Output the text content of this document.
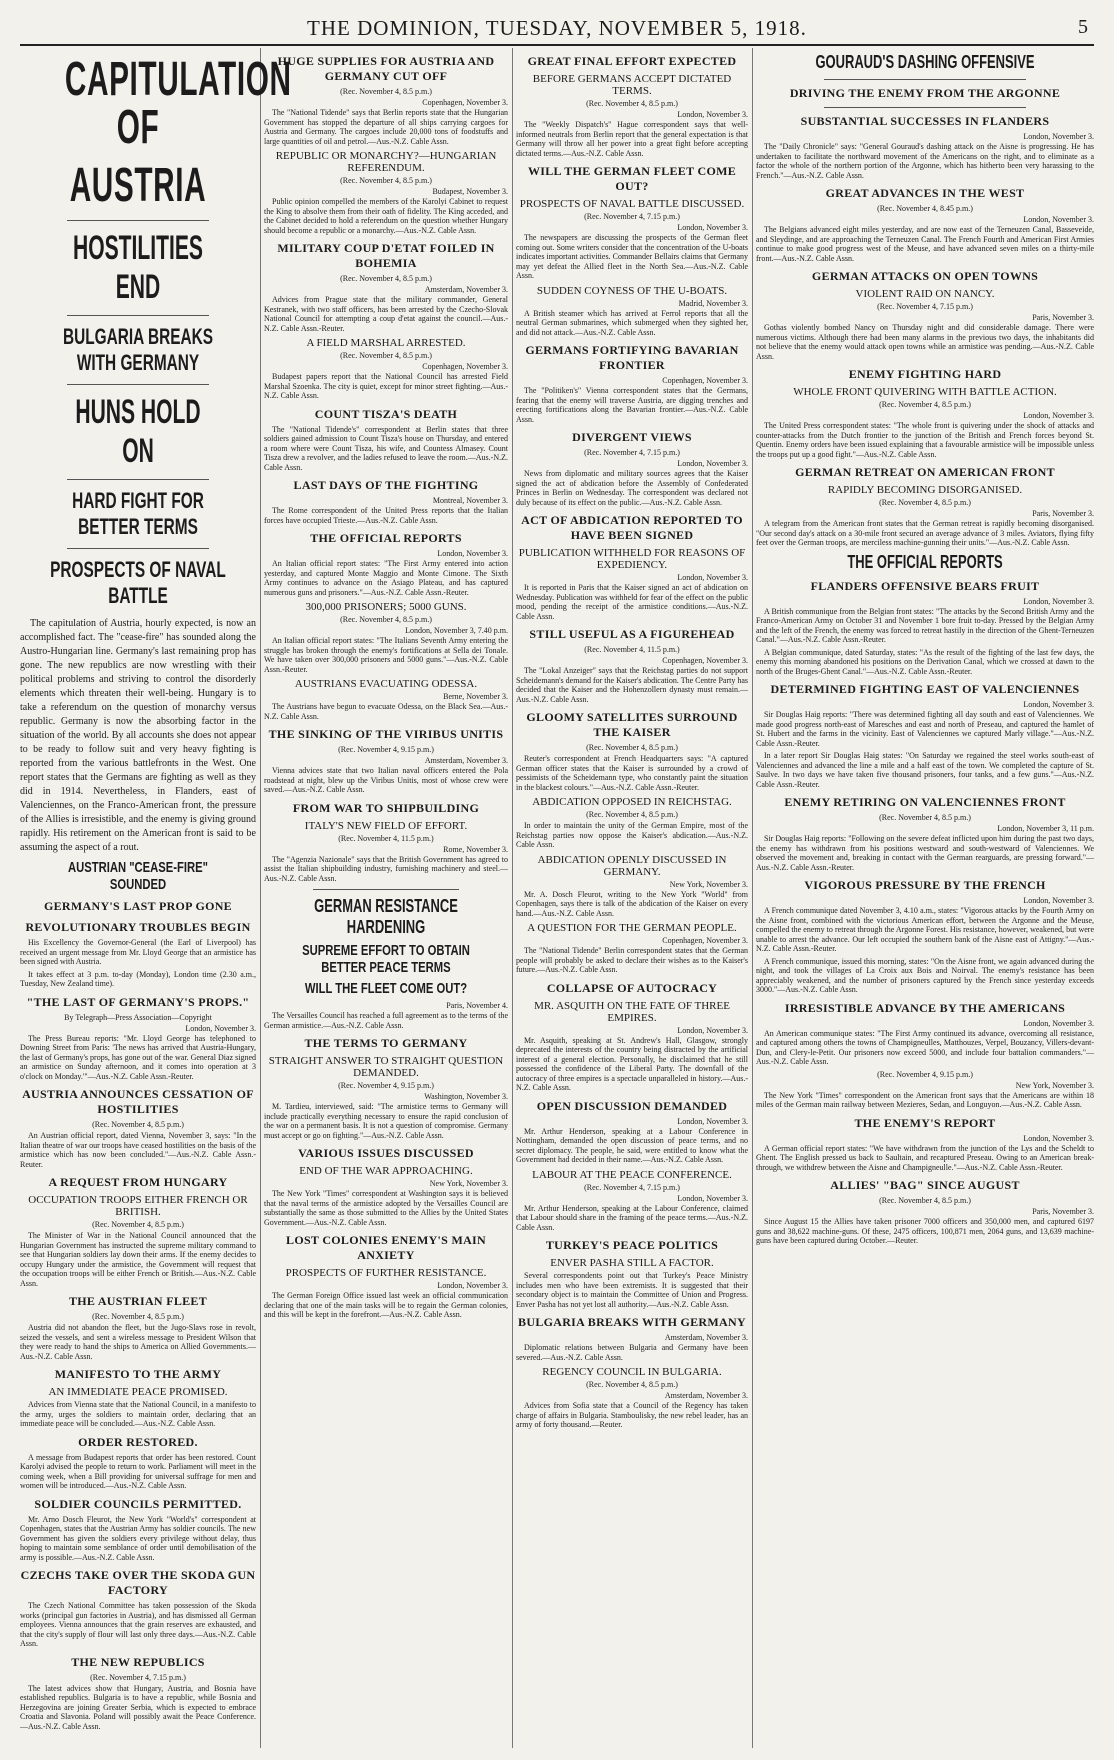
THE DOMINION, TUESDAY, NOVEMBER 5, 1918.	5
CAPITULATION OF
AUSTRIA
HOSTILITIES END
BULGARIA BREAKS WITH GERMANY
HUNS HOLD ON
HARD FIGHT FOR BETTER TERMS
PROSPECTS OF NAVAL BATTLE

The capitulation of Austria, hourly expected, is now an accomplished fact. The "cease-fire" has sounded along the Austro-Hungarian line. Germany's last remaining prop has gone. The new republics are now wrestling with their political problems and striving to control the disorderly elements which threaten their well-being. Hungary is to take a referendum on the question of monarchy versus republic. Germany is now the absorbing factor in the situation of the world. By all accounts she does not appear to be ready to follow suit and very heavy fighting is reported from the various battlefronts in the West. One report states that the Germans are fighting as well as they did in 1914. Nevertheless, in Flanders, east of Valenciennes, on the Franco-American front, the pressure of the Allies is irresistible, and the enemy is giving ground rapidly. His retirement on the American front is said to be assuming the aspect of a rout.

AUSTRIAN "CEASE-FIRE" SOUNDED
GERMANY'S LAST PROP GONE
REVOLUTIONARY TROUBLES BEGIN

His Excellency the Governor-General (the Earl of Liverpool) has received an urgent message from Mr. Lloyd George that an armistice has been signed with Austria.

It takes effect at 3 p.m. to-day (Monday), London time (2.30 a.m., Tuesday, New Zealand time).

"THE LAST OF GERMANY'S PROPS."
By Telegraph—Press Association—Copyright
London, November 3.

The Press Bureau reports: "Mr. Lloyd George has telephoned to Downing Street from Paris: 'The news has arrived that Austria-Hungary, the last of Germany's props, has gone out of the war. General Diaz signed an armistice on Sunday afternoon, and it comes into operation at 3 o'clock on Monday.'"—Aus.-N.Z. Cable Assn.-Reuter.

AUSTRIA ANNOUNCES CESSATION OF HOSTILITIES
(Rec. November 4, 8.5 p.m.)

An Austrian official report, dated Vienna, November 3, says: "In the Italian theatre of war our troops have ceased hostilities on the basis of the armistice which has now been concluded."—Aus.-N.Z. Cable Assn.-Reuter.

A REQUEST FROM HUNGARY
OCCUPATION TROOPS EITHER FRENCH OR BRITISH.
(Rec. November 4, 8.5 p.m.)

The Minister of War in the National Council announced that the Hungarian Government has instructed the supreme military command to see that Hungarian soldiers lay down their arms. If the enemy decides to occupy Hungary under the armistice, the Government will request that the occupation troops will be either French or British.—Aus.-N.Z. Cable Assn.

THE AUSTRIAN FLEET
(Rec. November 4, 8.5 p.m.)

Austria did not abandon the fleet, but the Jugo-Slavs rose in revolt, seized the vessels, and sent a wireless message to President Wilson that they were ready to hand the ships to America on Allied Governments.—Aus.-N.Z. Cable Assn.

MANIFESTO TO THE ARMY
AN IMMEDIATE PEACE PROMISED.

Advices from Vienna state that the National Council, in a manifesto to the army, urges the soldiers to maintain order, declaring that an immediate peace will be concluded.—Aus.-N.Z. Cable Assn.

ORDER RESTORED.

A message from Budapest reports that order has been restored. Count Karolyi advised the people to return to work. Parliament will meet in the coming week, when a Bill providing for universal suffrage for men and women will be introduced.—Aus.-N.Z. Cable Assn.

SOLDIER COUNCILS PERMITTED.

Mr. Arno Dosch Fleurot, the New York "World's" correspondent at Copenhagen, states that the Austrian Army has soldier councils. The new Government has given the soldiers every privilege without delay, thus hoping to maintain some semblance of order until demobilisation of the army is possible.—Aus.-N.Z. Cable Assn.

CZECHS TAKE OVER THE SKODA GUN FACTORY

The Czech National Committee has taken possession of the Skoda works (principal gun factories in Austria), and has dismissed all German employees. Vienna announces that the grain reserves are exhausted, and that the city's supply of flour will last only three days.—Aus.-N.Z. Cable Assn.

THE NEW REPUBLICS
(Rec. November 4, 7.15 p.m.)

The latest advices show that Hungary, Austria, and Bosnia have established republics. Bulgaria is to have a republic, while Bosnia and Herzegovina are joining Greater Serbia, which is expected to embrace Croatia and Slavonia. Poland will possibly await the Peace Conference.—Aus.-N.Z. Cable Assn.

HUGE SUPPLIES FOR AUSTRIA AND GERMANY CUT OFF
(Rec. November 4, 8.5 p.m.)
Copenhagen, November 3.

The "National Tidende" says that Berlin reports state that the Hungarian Government has stopped the departure of all ships carrying cargoes for Austria and Germany. The cargoes include 20,000 tons of foodstuffs and large quantities of oil and petrol.—Aus.-N.Z. Cable Assn.

REPUBLIC OR MONARCHY?—HUNGARIAN REFERENDUM.
(Rec. November 4, 8.5 p.m.)
Budapest, November 3.

Public opinion compelled the members of the Karolyi Cabinet to request the King to absolve them from their oath of fidelity. The King acceded, and the Cabinet decided to hold a referendum on the question whether Hungary should become a republic or a monarchy.—Aus.-N.Z. Cable Assn.

MILITARY COUP D'ETAT FOILED IN BOHEMIA
(Rec. November 4, 8.5 p.m.)
Amsterdam, November 3.

Advices from Prague state that the military commander, General Kestranek, with two staff officers, has been arrested by the Czecho-Slovak National Council for attempting a coup d'etat against the council.—Aus.-N.Z. Cable Assn.-Reuter.

A FIELD MARSHAL ARRESTED.
(Rec. November 4, 8.5 p.m.)
Copenhagen, November 3.

Budapest papers report that the National Council has arrested Field Marshal Szoenka. The city is quiet, except for minor street fighting.—Aus.-N.Z. Cable Assn.

COUNT TISZA'S DEATH

The "National Tidende's" correspondent at Berlin states that three soldiers gained admission to Count Tisza's house on Thursday, and entered a room where were Count Tisza, his wife, and Countess Almasey. Count Tisza drew a revolver, and the ladies refused to leave the room.—Aus.-N.Z. Cable Assn.

LAST DAYS OF THE FIGHTING
Montreal, November 3.

The Rome correspondent of the United Press reports that the Italian forces have occupied Trieste.—Aus.-N.Z. Cable Assn.

THE OFFICIAL REPORTS
London, November 3.

An Italian official report states: "The First Army entered into action yesterday, and captured Monte Maggio and Monte Cimone. The Sixth Army continues to advance on the Asiago Plateau, and has captured numerous guns and prisoners."—Aus.-N.Z. Cable Assn.-Reuter.

300,000 PRISONERS; 5000 GUNS.
(Rec. November 4, 8.5 p.m.)
London, November 3, 7.40 p.m.

An Italian official report states: "The Italians Seventh Army entering the struggle has broken through the enemy's fortifications at Sella dei Tonale. We have taken over 300,000 prisoners and 5000 guns."—Aus.-N.Z. Cable Assn.-Reuter.

AUSTRIANS EVACUATING ODESSA.
Berne, November 3.

The Austrians have begun to evacuate Odessa, on the Black Sea.—Aus.-N.Z. Cable Assn.

THE SINKING OF THE VIRIBUS UNITIS
(Rec. November 4, 9.15 p.m.)
Amsterdam, November 3.

Vienna advices state that two Italian naval officers entered the Pola roadstead at night, blew up the Viribus Unitis, most of whose crew were saved.—Aus.-N.Z. Cable Assn.

FROM WAR TO SHIPBUILDING
ITALY'S NEW FIELD OF EFFORT.
(Rec. November 4, 11.5 p.m.)
Rome, November 3.

The "Agenzia Nazionale" says that the British Government has agreed to assist the Italian shipbuilding industry, furnishing machinery and steel.—Aus.-N.Z. Cable Assn.

GERMAN RESISTANCE HARDENING
SUPREME EFFORT TO OBTAIN BETTER PEACE TERMS
WILL THE FLEET COME OUT?
Paris, November 4.

The Versailles Council has reached a full agreement as to the terms of the German armistice.—Aus.-N.Z. Cable Assn.

THE TERMS TO GERMANY
STRAIGHT ANSWER TO STRAIGHT QUESTION DEMANDED.
(Rec. November 4, 9.15 p.m.)
Washington, November 3.

M. Tardieu, interviewed, said: "The armistice terms to Germany will include practically everything necessary to ensure the rapid conclusion of the war on a permanent basis. It is not a question of compromise. Germany must accept or go on fighting."—Aus.-N.Z. Cable Assn.

VARIOUS ISSUES DISCUSSED
END OF THE WAR APPROACHING.
New York, November 3.

The New York "Times" correspondent at Washington says it is believed that the naval terms of the armistice adopted by the Versailles Council are substantially the same as those submitted to the Allies by the United States Government.—Aus.-N.Z. Cable Assn.

LOST COLONIES ENEMY'S MAIN ANXIETY
PROSPECTS OF FURTHER RESISTANCE.
London, November 3.

The German Foreign Office issued last week an official communication declaring that one of the main tasks will be to regain the German colonies, and this will be kept in the forefront.—Aus.-N.Z. Cable Assn.

GREAT FINAL EFFORT EXPECTED
BEFORE GERMANS ACCEPT DICTATED TERMS.
(Rec. November 4, 8.5 p.m.)
London, November 3.

The "Weekly Dispatch's" Hague correspondent says that well-informed neutrals from Berlin report that the general expectation is that Germany will throw all her power into a great fight before accepting dictated terms.—Aus.-N.Z. Cable Assn.

WILL THE GERMAN FLEET COME OUT?
PROSPECTS OF NAVAL BATTLE DISCUSSED.
(Rec. November 4, 7.15 p.m.)
London, November 3.

The newspapers are discussing the prospects of the German fleet coming out. Some writers consider that the concentration of the U-boats indicates important activities. Commander Bellairs claims that Germany may yet defeat the Allied fleet in the North Sea.—Aus.-N.Z. Cable Assn.

SUDDEN COYNESS OF THE U-BOATS.
Madrid, November 3.

A British steamer which has arrived at Ferrol reports that all the neutral German submarines, which submerged when they sighted her, and did not attack.—Aus.-N.Z. Cable Assn.

GERMANS FORTIFYING BAVARIAN FRONTIER
Copenhagen, November 3.

The "Politiken's" Vienna correspondent states that the Germans, fearing that the enemy will traverse Austria, are digging trenches and erecting fortifications along the Bavarian frontier.—Aus.-N.Z. Cable Assn.

DIVERGENT VIEWS
(Rec. November 4, 7.15 p.m.)
London, November 3.

News from diplomatic and military sources agrees that the Kaiser signed the act of abdication before the Assembly of Confederated Princes in Berlin on Wednesday. The correspondent was declared not duly because of its effect on the public.—Aus.-N.Z. Cable Assn.

ACT OF ABDICATION REPORTED TO HAVE BEEN SIGNED
PUBLICATION WITHHELD FOR REASONS OF EXPEDIENCY.
London, November 3.

It is reported in Paris that the Kaiser signed an act of abdication on Wednesday. Publication was withheld for fear of the effect on the public mood, pending the receipt of the armistice conditions.—Aus.-N.Z. Cable Assn.

STILL USEFUL AS A FIGUREHEAD
(Rec. November 4, 11.5 p.m.)
Copenhagen, November 3.

The "Lokal Anzeiger" says that the Reichstag parties do not support Scheidemann's demand for the Kaiser's abdication. The Centre Party has decided that the Kaiser and the Hohenzollern dynasty must remain.—Aus.-N.Z. Cable Assn.

GLOOMY SATELLITES SURROUND THE KAISER
(Rec. November 4, 8.5 p.m.)

Reuter's correspondent at French Headquarters says: "A captured German officer states that the Kaiser is surrounded by a crowd of pessimists of the Scheidemann type, who constantly paint the situation in the blackest colours."—Aus.-N.Z. Cable Assn.-Reuter.

ABDICATION OPPOSED IN REICHSTAG.
(Rec. November 4, 8.5 p.m.)

In order to maintain the unity of the German Empire, most of the Reichstag parties now oppose the Kaiser's abdication.—Aus.-N.Z. Cable Assn.

ABDICATION OPENLY DISCUSSED IN GERMANY.
New York, November 3.

Mr. A. Dosch Fleurot, writing to the New York "World" from Copenhagen, says there is talk of the abdication of the Kaiser on every hand.—Aus.-N.Z. Cable Assn.

A QUESTION FOR THE GERMAN PEOPLE.
Copenhagen, November 3.

The "National Tidende" Berlin correspondent states that the German people will probably be asked to declare their wishes as to the Kaiser's future.—Aus.-N.Z. Cable Assn.

COLLAPSE OF AUTOCRACY
MR. ASQUITH ON THE FATE OF THREE EMPIRES.
London, November 3.

Mr. Asquith, speaking at St. Andrew's Hall, Glasgow, strongly deprecated the interests of the country being distracted by the artificial interest of a general election. Personally, he disclaimed that he still possessed the confidence of the Liberal Party. The downfall of the autocracy of three empires is a spectacle unparalleled in history.—Aus.-N.Z. Cable Assn.

OPEN DISCUSSION DEMANDED
London, November 3.

Mr. Arthur Henderson, speaking at a Labour Conference in Nottingham, demanded the open discussion of peace terms, and no secret diplomacy. The people, he said, were entitled to know what the Government had decided in their name.—Aus.-N.Z. Cable Assn.

LABOUR AT THE PEACE CONFERENCE.
(Rec. November 4, 7.15 p.m.)
London, November 3.

Mr. Arthur Henderson, speaking at the Labour Conference, claimed that Labour should share in the framing of the peace terms.—Aus.-N.Z. Cable Assn.

TURKEY'S PEACE POLITICS
ENVER PASHA STILL A FACTOR.

Several correspondents point out that Turkey's Peace Ministry includes men who have been extremists. It is suggested that their secondary object is to maintain the Committee of Union and Progress. Enver Pasha has not yet lost all authority.—Aus.-N.Z. Cable Assn.

BULGARIA BREAKS WITH GERMANY
Amsterdam, November 3.

Diplomatic relations between Bulgaria and Germany have been severed.—Aus.-N.Z. Cable Assn.

REGENCY COUNCIL IN BULGARIA.
(Rec. November 4, 8.5 p.m.)
Amsterdam, November 3.

Advices from Sofia state that a Council of the Regency has taken charge of affairs in Bulgaria. Stamboulisky, the new rebel leader, has an army of forty thousand.—Reuter.

GOURAUD'S DASHING OFFENSIVE
DRIVING THE ENEMY FROM THE ARGONNE
SUBSTANTIAL SUCCESSES IN FLANDERS
London, November 3.

The "Daily Chronicle" says: "General Gouraud's dashing attack on the Aisne is progressing. He has undertaken to facilitate the northward movement of the Americans on the right, and to eliminate as a factor the whole of the northern portion of the Argonne, which has hitherto been very harassing to the French."—Aus.-N.Z. Cable Assn.

GREAT ADVANCES IN THE WEST
(Rec. November 4, 8.45 p.m.)
London, November 3.

The Belgians advanced eight miles yesterday, and are now east of the Terneuzen Canal, Basseveide, and Sleydinge, and are approaching the Terneuzen Canal. The French Fourth and American First Armies continue to make good progress west of the Meuse, and have advanced seven miles on a thirty-mile front.—Aus.-N.Z. Cable Assn.

GERMAN ATTACKS ON OPEN TOWNS
VIOLENT RAID ON NANCY.
(Rec. November 4, 7.15 p.m.)
Paris, November 3.

Gothas violently bombed Nancy on Thursday night and did considerable damage. There were numerous victims. Although there had been many alarms in the previous two days, the inhabitants did not believe that the enemy would attack open towns while an armistice was pending.—Aus.-N.Z. Cable Assn.

ENEMY FIGHTING HARD
WHOLE FRONT QUIVERING WITH BATTLE ACTION.
(Rec. November 4, 8.5 p.m.)
London, November 3.

The United Press correspondent states: "The whole front is quivering under the shock of attacks and counter-attacks from the Dutch frontier to the junction of the British and French forces beyond St. Quentin. Enemy orders have been issued explaining that a favourable armistice will be impossible unless the troops put up a good fight."—Aus.-N.Z. Cable Assn.

GERMAN RETREAT ON AMERICAN FRONT
RAPIDLY BECOMING DISORGANISED.
(Rec. November 4, 8.5 p.m.)
Paris, November 3.

A telegram from the American front states that the German retreat is rapidly becoming disorganised. "Our second day's attack on a 30-mile front secured an average advance of 3 miles. Aviators, flying fifty feet over the German troops, are merciless machine-gunning their units."—Aus.-N.Z. Cable Assn.

THE OFFICIAL REPORTS
FLANDERS OFFENSIVE BEARS FRUIT
London, November 3.

A British communique from the Belgian front states: "The attacks by the Second British Army and the Franco-American Army on October 31 and November 1 bore fruit to-day. Pressed by the Belgian Army and the left of the French, the enemy was forced to retreat hastily in the direction of the Ghent-Terneuzen Canal."—Aus.-N.Z. Cable Assn.-Reuter.

A Belgian communique, dated Saturday, states: "As the result of the fighting of the last few days, the enemy this morning abandoned his positions on the Derivation Canal, which we crossed at dawn to the north of the Bruges-Ghent Canal."—Aus.-N.Z. Cable Assn.-Reuter.

DETERMINED FIGHTING EAST OF VALENCIENNES
London, November 3.

Sir Douglas Haig reports: "There was determined fighting all day south and east of Valenciennes. We made good progress north-east of Maresches and east and north of Preseau, and captured the hamlet of St. Hubert and the farms in the vicinity. East of Valenciennes we captured Marly village."—Aus.-N.Z. Cable Assn.-Reuter.

In a later report Sir Douglas Haig states: "On Saturday we regained the steel works south-east of Valenciennes and advanced the line a mile and a half east of the town. We completed the capture of St. Saulve. In two days we have taken five thousand prisoners, four tanks, and a few guns."—Aus.-N.Z. Cable Assn.-Reuter.

ENEMY RETIRING ON VALENCIENNES FRONT
(Rec. November 4, 8.5 p.m.)
London, November 3, 11 p.m.

Sir Douglas Haig reports: "Following on the severe defeat inflicted upon him during the past two days, the enemy has withdrawn from his positions westward and south-westward of Valenciennes. We observed the movement and, breaking in contact with the German rearguards, are pressing forward."—Aus.-N.Z. Cable Assn.-Reuter.

VIGOROUS PRESSURE BY THE FRENCH
London, November 3.

A French communique dated November 3, 4.10 a.m., states: "Vigorous attacks by the Fourth Army on the Aisne front, combined with the victorious American effort, between the Argonne and the Meuse, compelled the enemy to retreat through the Argonne Forest. His resistance, however, weakened, but were unable to arrest the advance. Our left occupied the southern bank of the Aisne east of Attigny."—Aus.-N.Z. Cable Assn.-Reuter.

A French communique, issued this morning, states: "On the Aisne front, we again advanced during the night, and took the villages of La Croix aux Bois and Noirval. The enemy's resistance has been appreciably weakened, and the number of prisoners captured by the French since yesterday exceeds 3000."—Aus.-N.Z. Cable Assn.

IRRESISTIBLE ADVANCE BY THE AMERICANS
London, November 3.

An American communique states: "The First Army continued its advance, overcoming all resistance, and captured among others the towns of Champigneulles, Matthouzes, Verpel, Bouzancy, Villers-devant-Dun, and Clery-le-Petit. Our prisoners now exceed 5000, and include four battalion commanders."—Aus.-N.Z. Cable Assn.

(Rec. November 4, 9.15 p.m.)
New York, November 3.

The New York "Times" correspondent on the American front says that the Americans are within 18 miles of the German main railway between Mezieres, Sedan, and Longuyon.—Aus.-N.Z. Cable Assn.

THE ENEMY'S REPORT
London, November 3.

A German official report states: "We have withdrawn from the junction of the Lys and the Scheldt to Ghent. The English pressed us back to Saultain, and recaptured Preseau. Owing to an American break-through, we withdrew between the Aisne and Champigneulle."—Aus.-N.Z. Cable Assn.-Reuter.

ALLIES' "BAG" SINCE AUGUST
(Rec. November 4, 8.5 p.m.)
Paris, November 3.

Since August 15 the Allies have taken prisoner 7000 officers and 350,000 men, and captured 6197 guns and 38,622 machine-guns. Of these, 2475 officers, 100,871 men, 2064 guns, and 13,639 machine-guns have been captured during October.—Reuter.
